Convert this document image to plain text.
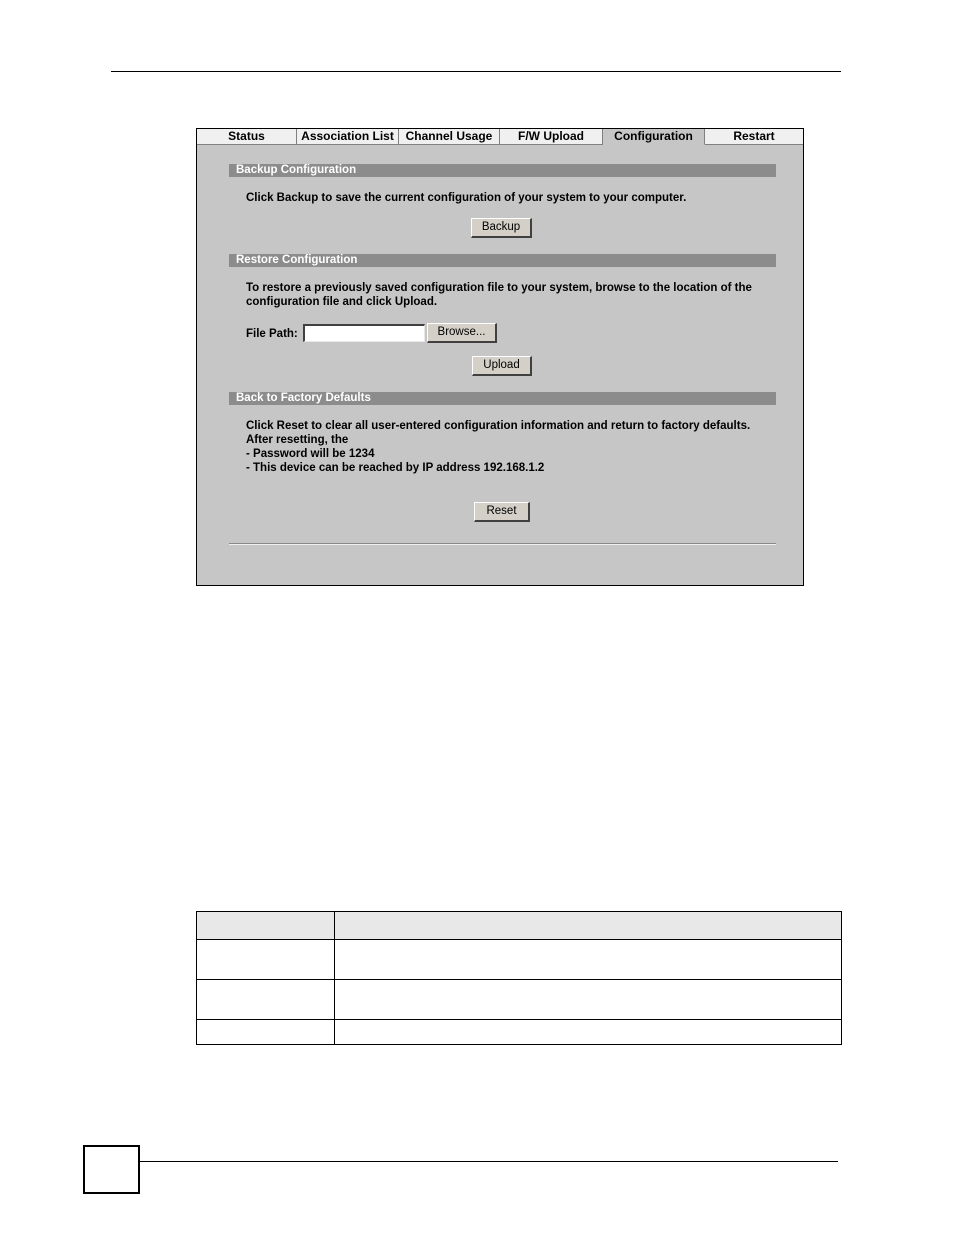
Status	Association List Channel Usage	F/W Upload	Configuration	Restart
Backup Configuration
Click Backup to save the current configuration of your system to your computer.
Backup
Restore Configuration
To restore a previously saved configuration file to your system, browse to the location of the
configuration file and click Upload.
File Path:	Browse...
Upload
Back to Factory Defaults
Click Reset to clear all user-entered configuration information and return to factory defaults.
After resetting, the
- Password will be 1234
- This device can be reached by IP address 192.168.1.2
Reset
